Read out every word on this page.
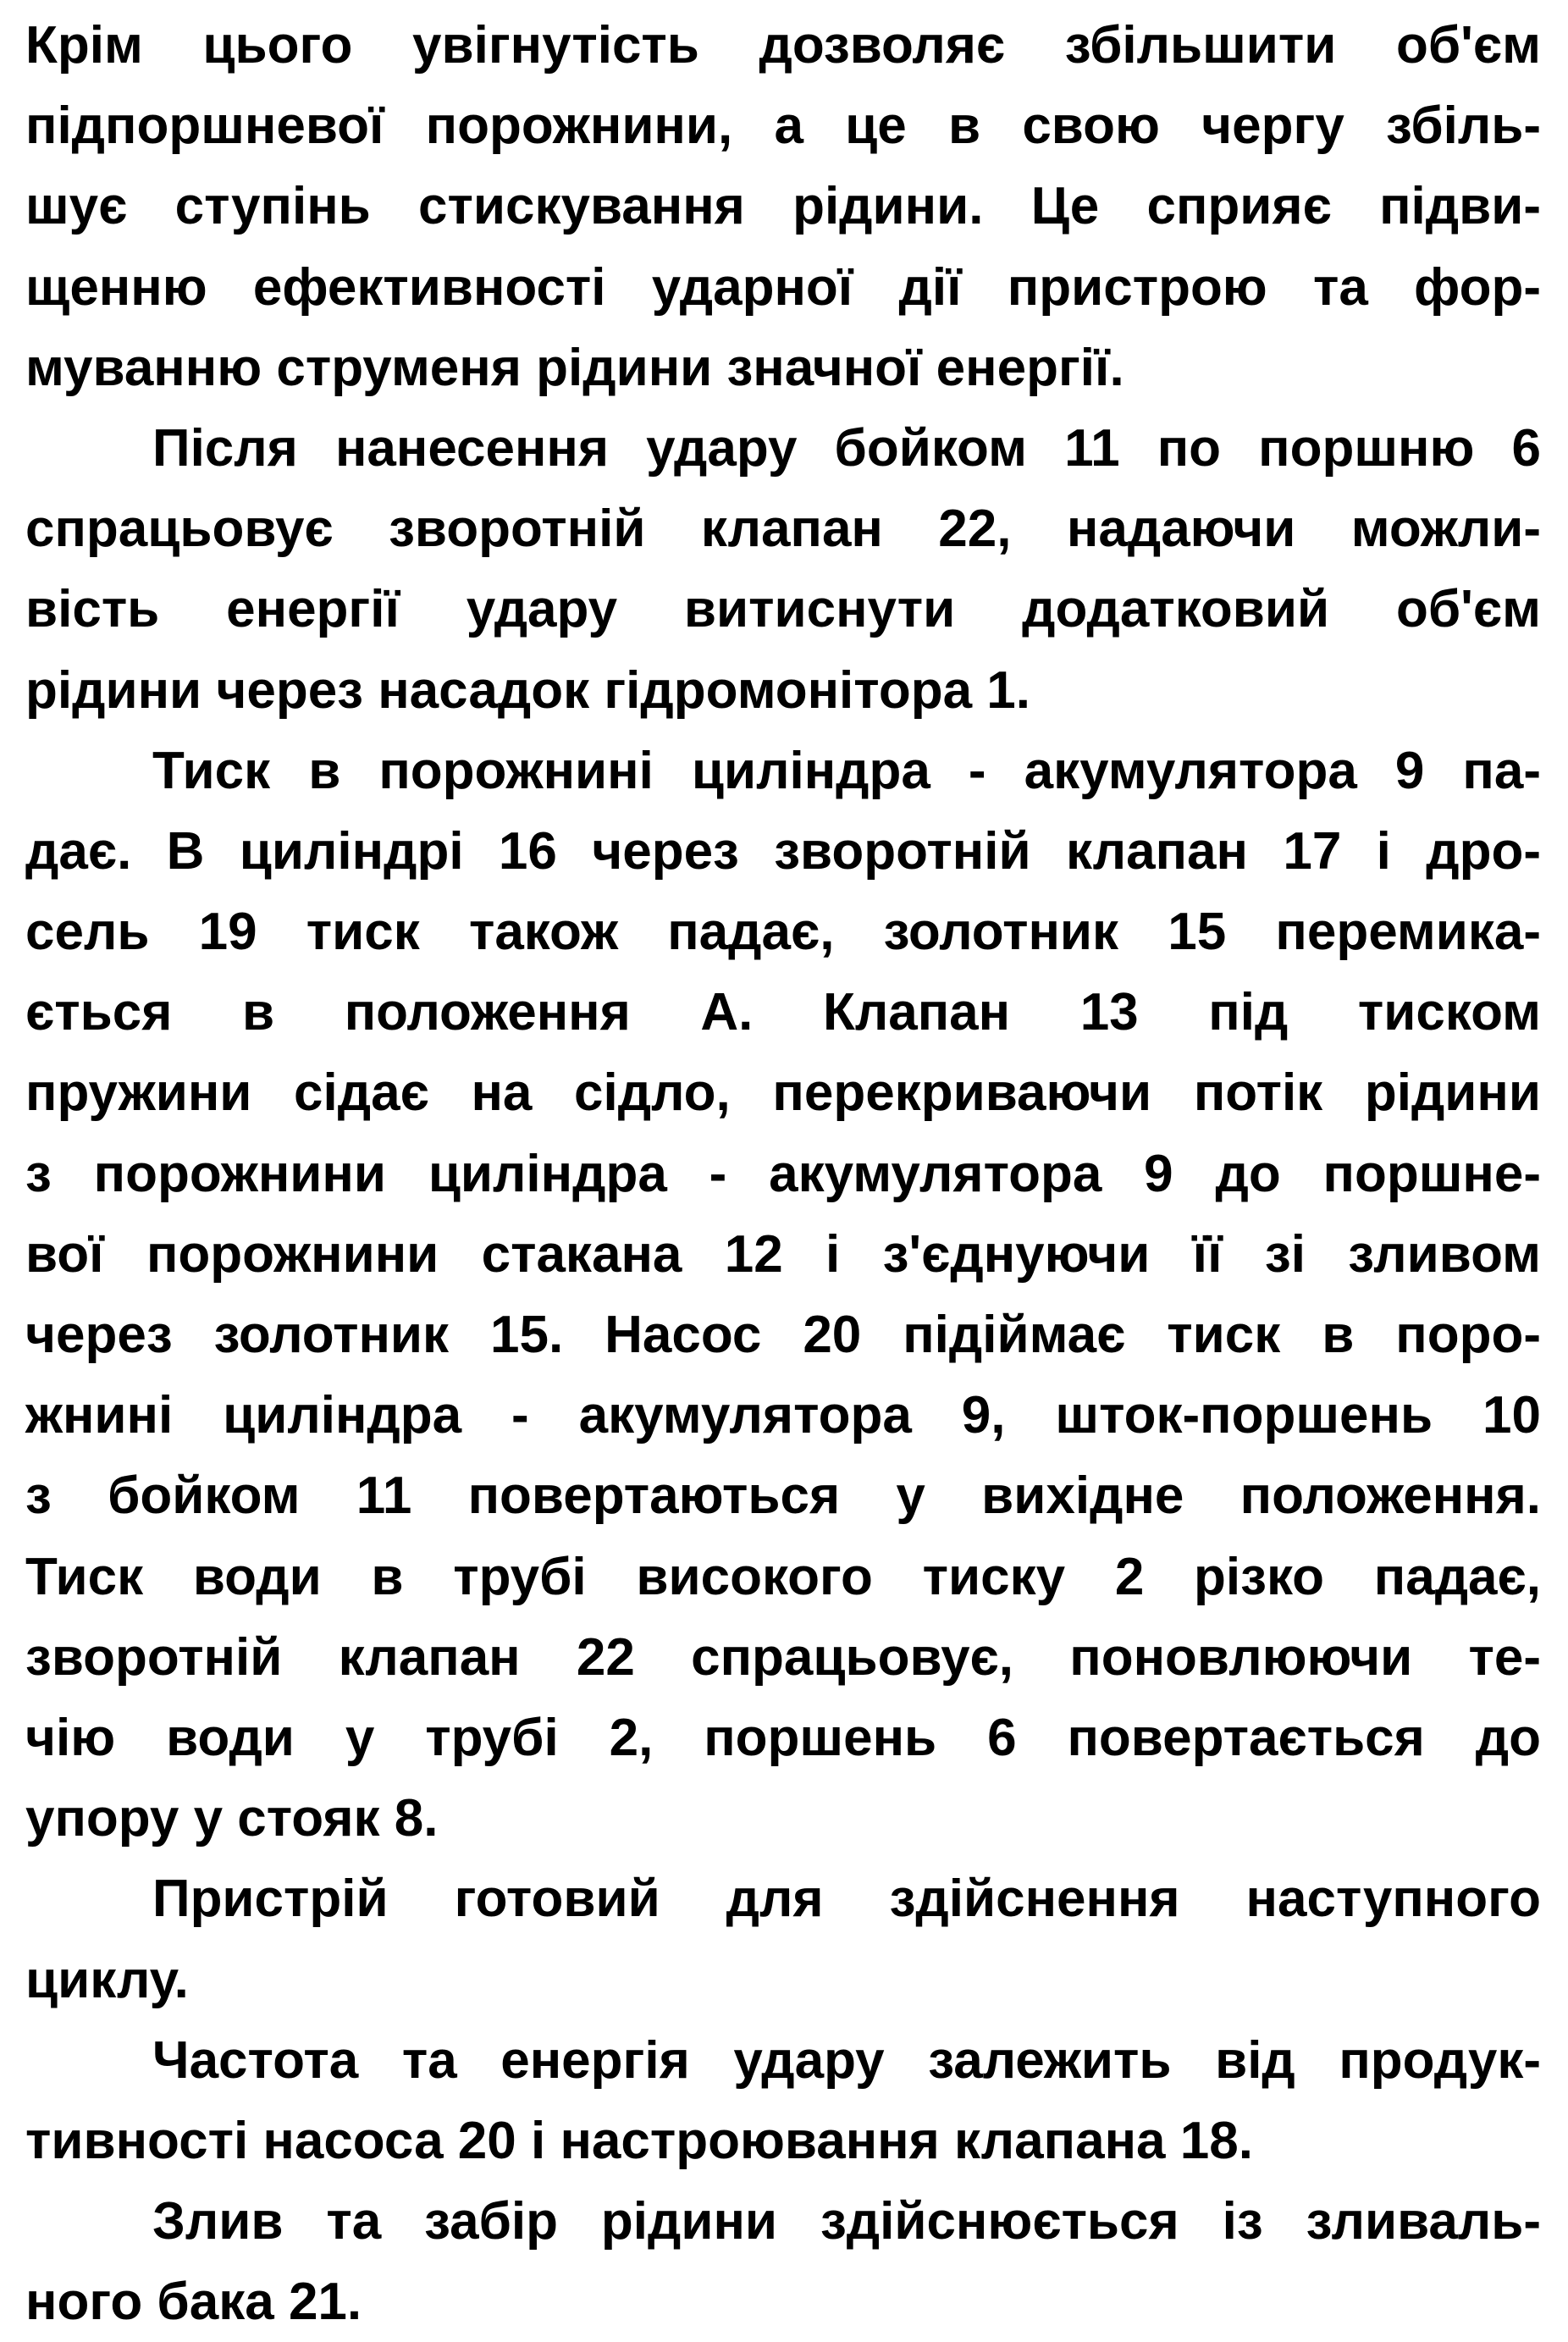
Крім цього увігнутість дозволяє збільшити об'єм
підпоршневої порожнини, а це в свою чергу збіль-
шує ступінь стискування рідини. Це сприяє підви-
щенню ефективності ударної дії пристрою та фор-
муванню струменя рідини значної енергії.
Після нанесення удару бойком 11 по поршню 6
спрацьовує зворотній клапан 22, надаючи можли-
вість енергії удару витиснути додатковий об'єм
рідини через насадок гідромонітора 1.
Тиск в порожнині циліндра - акумулятора 9 па-
дає. В циліндрі 16 через зворотній клапан 17 і дро-
сель 19 тиск також падає, золотник 15 перемика-
ється в положення А. Клапан 13 під тиском
пружини сідає на сідло, перекриваючи потік рідини
з порожнини циліндра - акумулятора 9 до поршне-
вої порожнини стакана 12 і з'єднуючи її зі зливом
через золотник 15. Насос 20 підіймає тиск в поро-
жнині циліндра - акумулятора 9, шток-поршень 10
з бойком 11 повертаються у вихідне положення.
Тиск води в трубі високого тиску 2 різко падає,
зворотній клапан 22 спрацьовує, поновлюючи те-
чію води у трубі 2, поршень 6 повертається до
упору у стояк 8.
Пристрій готовий для здійснення наступного
циклу.
Частота та енергія удару залежить від продук-
тивності насоса 20 і настроювання клапана 18.
Злив та забір рідини здійснюється із зливаль-
ного бака 21.
